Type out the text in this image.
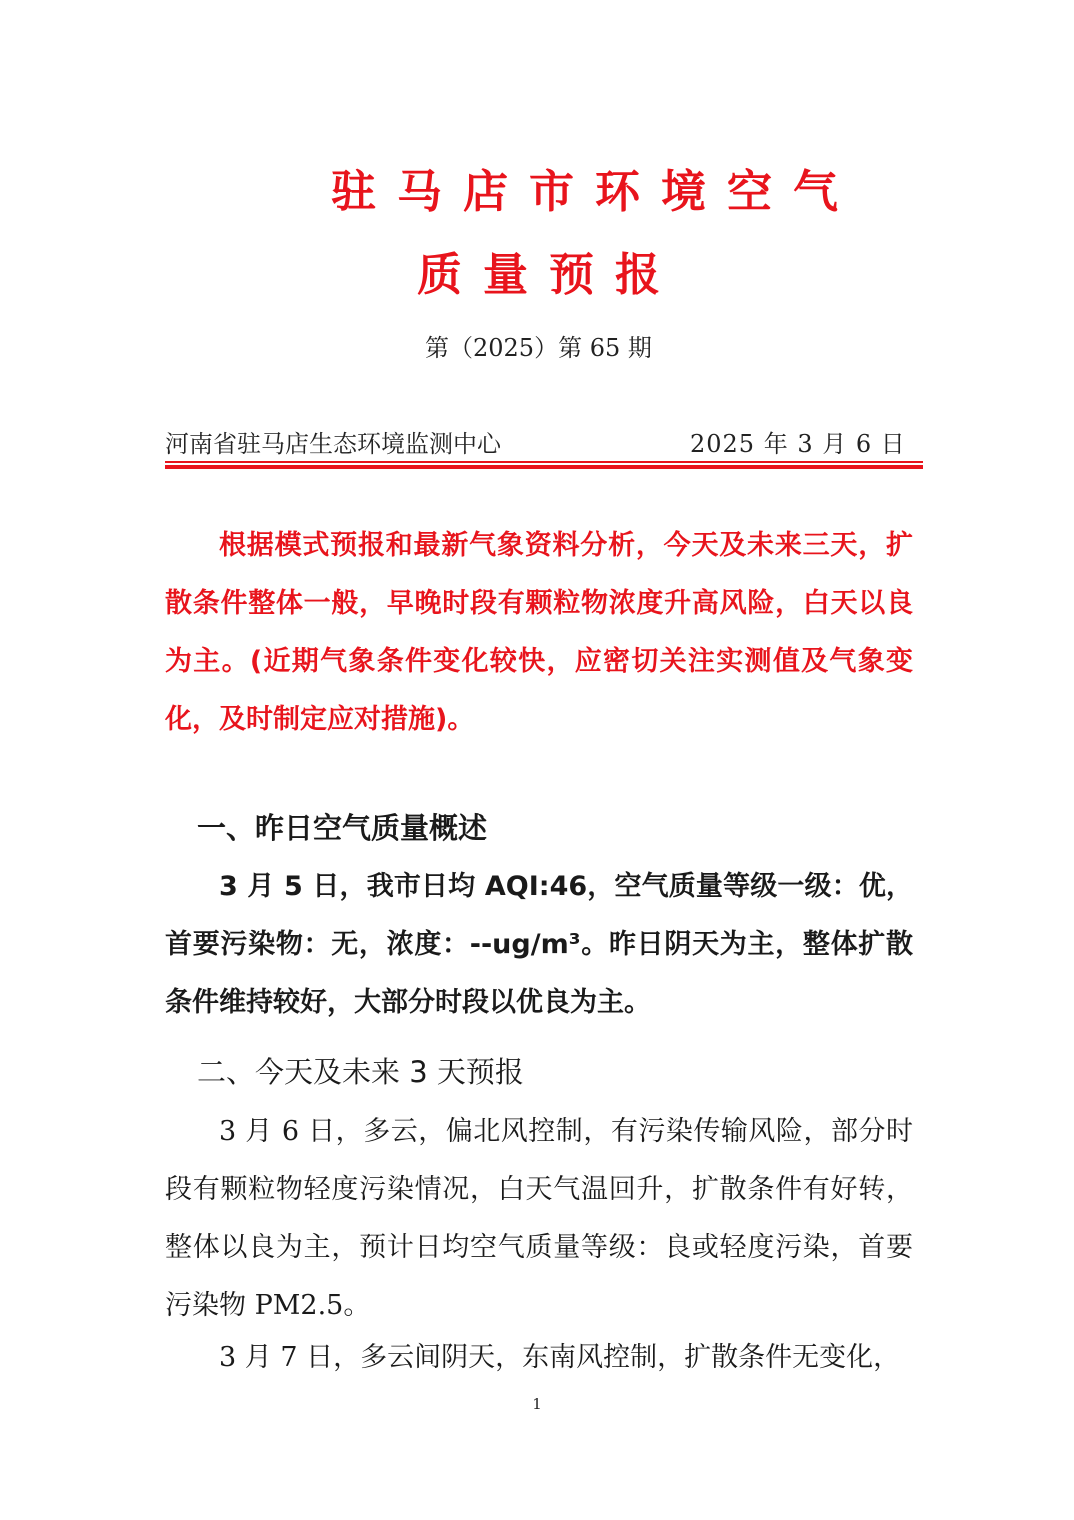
驻马店市环境空气
质量预报
第（2025）第 65 期
河南省驻马店生态环境监测中心	2025 年 3 月 6 日
根据模式预报和最新气象资料分析，今天及未来三天，扩散条件整体一般，早晚时段有颗粒物浓度升高风险，白天以良为主。(近期气象条件变化较快，应密切关注实测值及气象变化，及时制定应对措施)。
一、昨日空气质量概述
3 月 5 日，我市日均 AQI:46，空气质量等级一级：优，首要污染物：无，浓度：--ug/m³。昨日阴天为主，整体扩散条件维持较好，大部分时段以优良为主。
二、今天及未来 3 天预报
3 月 6 日，多云，偏北风控制，有污染传输风险，部分时段有颗粒物轻度污染情况，白天气温回升，扩散条件有好转，整体以良为主，预计日均空气质量等级：良或轻度污染，首要污染物 PM2.5。
3 月 7 日，多云间阴天，东南风控制，扩散条件无变化，
1
